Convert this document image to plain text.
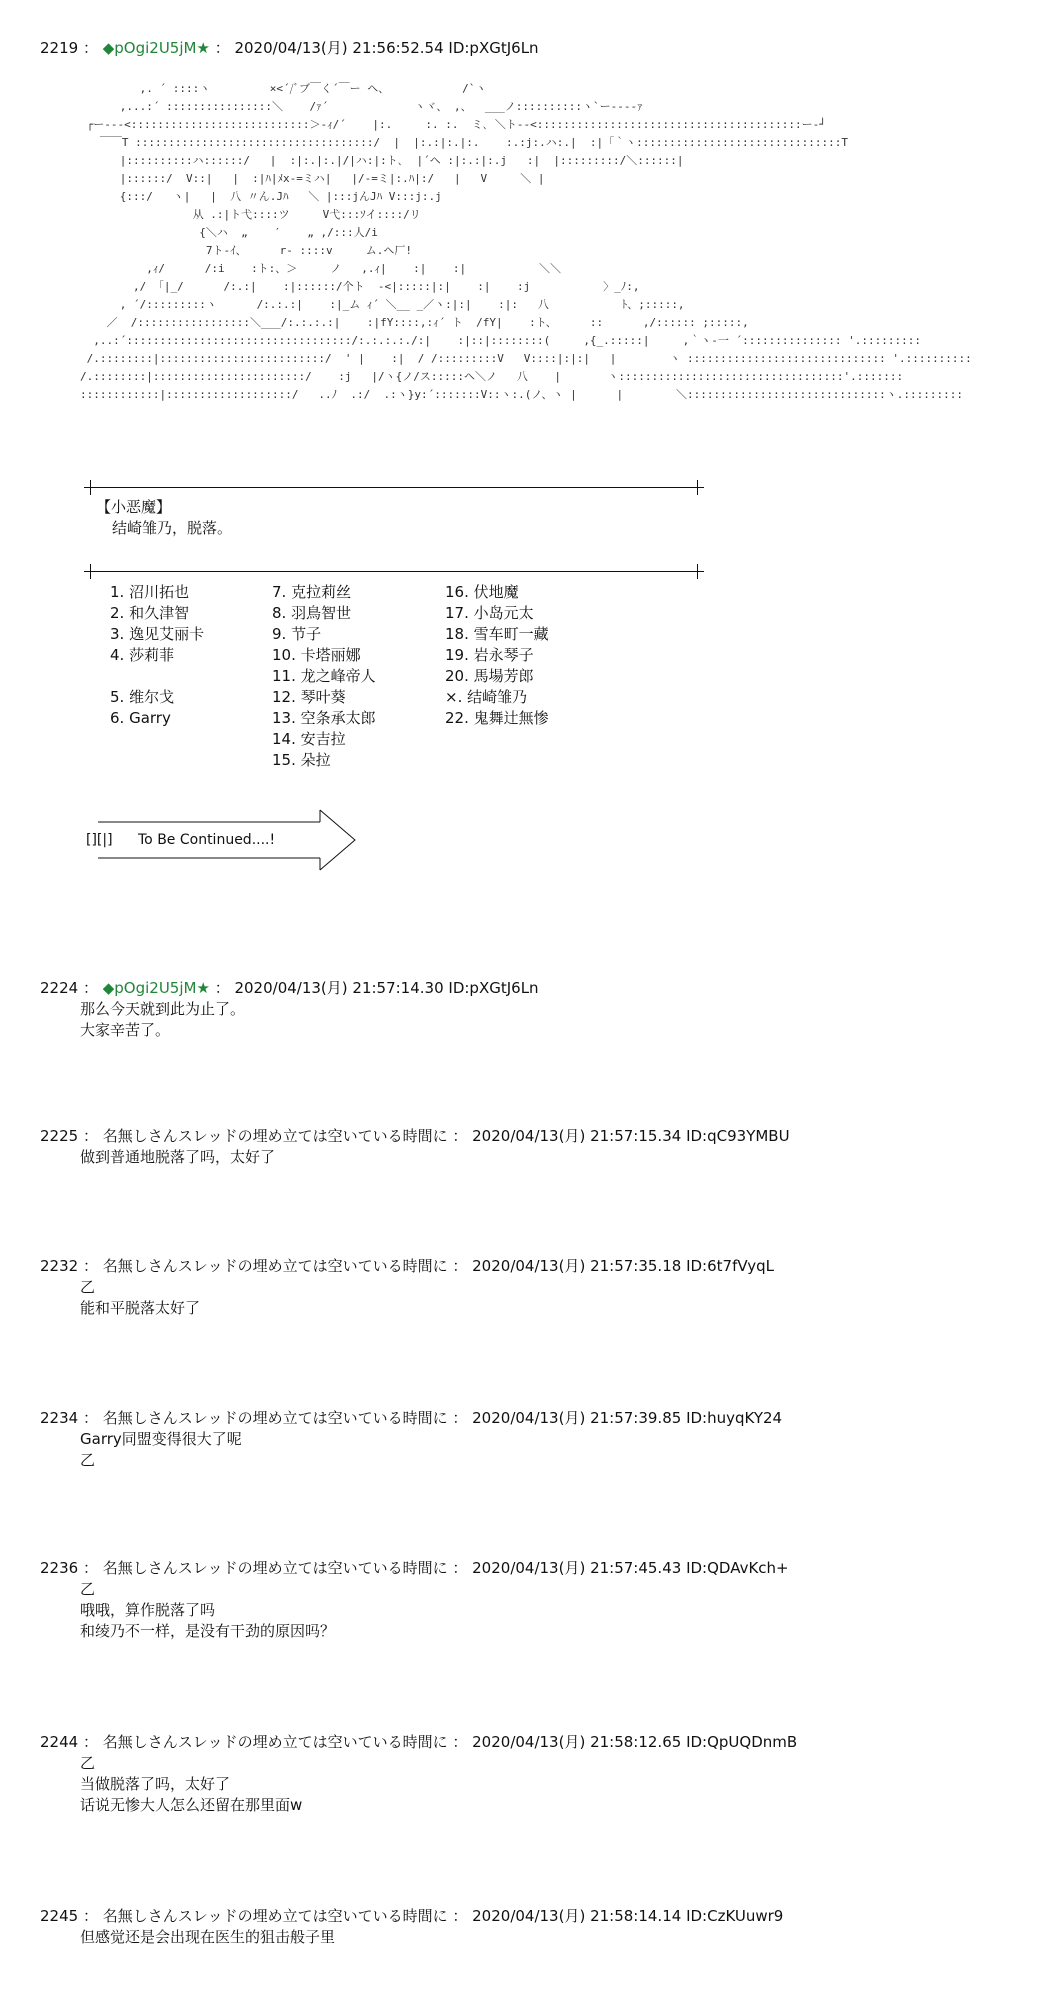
2219 ： ◆pOgi2U5jM★ ： 2020/04/13(月) 21:56:52.54 ID:pXGtJ6Ln
,. ´ ::::ヽ         ×<´/ﾞブ￣く´￣ー ヘ、           /`ヽ
,...:´ ::::::::::::::::＼    /ｧ´             ヽヾ、 ,、  ___ノ::::::::::ヽ`ー----ｧ
┌ー--‐<:::::::::::::::::::::::::::＞‐ｨ/´    |:.     :. :.  ミ､ ＼ト-‐<::::::::::::::::::::::::::::::::::::::::ー‐┘
￣￣T ::::::::::::::::::::::::::::::::::::/  |  |:.:|:.|:.    :.:j:.ハ:.|  :|「｀ヽ:::::::::::::::::::::::::::::::T
|::::::::::ハ::::::/   |  :|:.|:.|/|ハ:|:ト､  |´ヘ :|:.:|:.j   :|  |:::::::::/＼::::::|
|::::::/  V::|   |  :|ﾊ|ﾒx‐=ミハ|   |/‐=ミ|:.ﾊ|:/   |   V     ＼ |
{:::/   ヽ|   |  八 〃ん.Jﾊ   ＼ |:::jんJﾊ V:::j:.j
从 .:|ト弋::::ツ     V弋:::ｿイ::::/リ
{＼ハ  „    ′    „ ,/:::人/i
7ト-ｲ、     r‐ ::::v     ム.ヘ厂!
,ｨ/      /:i    :ト:、＞     ノ   ,.ｨ|    :|    :|           ＼＼
,/ 「|_/      /:.:|    :|::::::/个ト  ‐<|:::::|:|    :|    :j           〉_ﾉ:,
, ´/:::::::::ヽ      /:.:.:|    :|_ム ｨ´ ＼__ _／ヽ:|:|    :|:   八           ﾄ、;:::::,
／  /:::::::::::::::::＼___/:.:.:.:|    :|fY::::,:ｨ´ ト  /fY|    :ト、     ::      ,/:::::: ;:::::,
,..:´::::::::::::::::::::::::::::::::::/:.:.:.:./:|    :|::|::::::::(     ,{_.:::::|     ,｀ヽ-一 ´::::::::::::::: '.:::::::::
/.::::::::|:::::::::::::::::::::::::/  ' |    :|  / /:::::::::V   V::::|:|:|   |        ヽ :::::::::::::::::::::::::::::: '.::::::::::
/.::::::::|:::::::::::::::::::::::/    :j   |/ヽ{ノ/ス:::::ヘ＼ノ   八    |       ヽ::::::::::::::::::::::::::::::::::'.:::::::
::::::::::::|:::::::::::::::::::/   ..ﾉ  .:/  .:ヽ}y:´:::::::V::ヽ:.(ノ、ヽ |      |        ＼::::::::::::::::::::::::::::::ヽ.:::::::::
【小恶魔】
结崎雏乃，脱落。
1. 沼川拓也
2. 和久津智
3. 逸见艾丽卡
4. 莎莉菲
5. 维尔戈
6. Garry
7. 克拉莉丝
8. 羽鳥智世
9. 节子
10. 卡塔丽娜
11. 龙之峰帝人
12. 琴叶葵
13. 空条承太郎
14. 安吉拉
15. 朵拉
16. 伏地魔
17. 小岛元太
18. 雪车町一藏
19. 岩永琴子
20. 馬場芳郎
×. 结崎雏乃
22. 鬼舞辻無惨
[][|] To Be Continued....!
2224 ： ◆pOgi2U5jM★ ： 2020/04/13(月) 21:57:14.30 ID:pXGtJ6Ln
那么今天就到此为止了。
大家辛苦了。
2225 ： 名無しさんスレッドの埋め立ては空いている時間に ： 2020/04/13(月) 21:57:15.34 ID:qC93YMBU
做到普通地脱落了吗，太好了
2232 ： 名無しさんスレッドの埋め立ては空いている時間に ： 2020/04/13(月) 21:57:35.18 ID:6t7fVyqL
乙
能和平脱落太好了
2234 ： 名無しさんスレッドの埋め立ては空いている時間に ： 2020/04/13(月) 21:57:39.85 ID:huyqKY24
Garry同盟变得很大了呢
乙
2236 ： 名無しさんスレッドの埋め立ては空いている時間に ： 2020/04/13(月) 21:57:45.43 ID:QDAvKch+
乙
哦哦，算作脱落了吗
和绫乃不一样，是没有干劲的原因吗？
2244 ： 名無しさんスレッドの埋め立ては空いている時間に ： 2020/04/13(月) 21:58:12.65 ID:QpUQDnmB
乙
当做脱落了吗，太好了
话说无惨大人怎么还留在那里面w
2245 ： 名無しさんスレッドの埋め立ては空いている時間に ： 2020/04/13(月) 21:58:14.14 ID:CzKUuwr9
但感觉还是会出现在医生的狙击般子里
